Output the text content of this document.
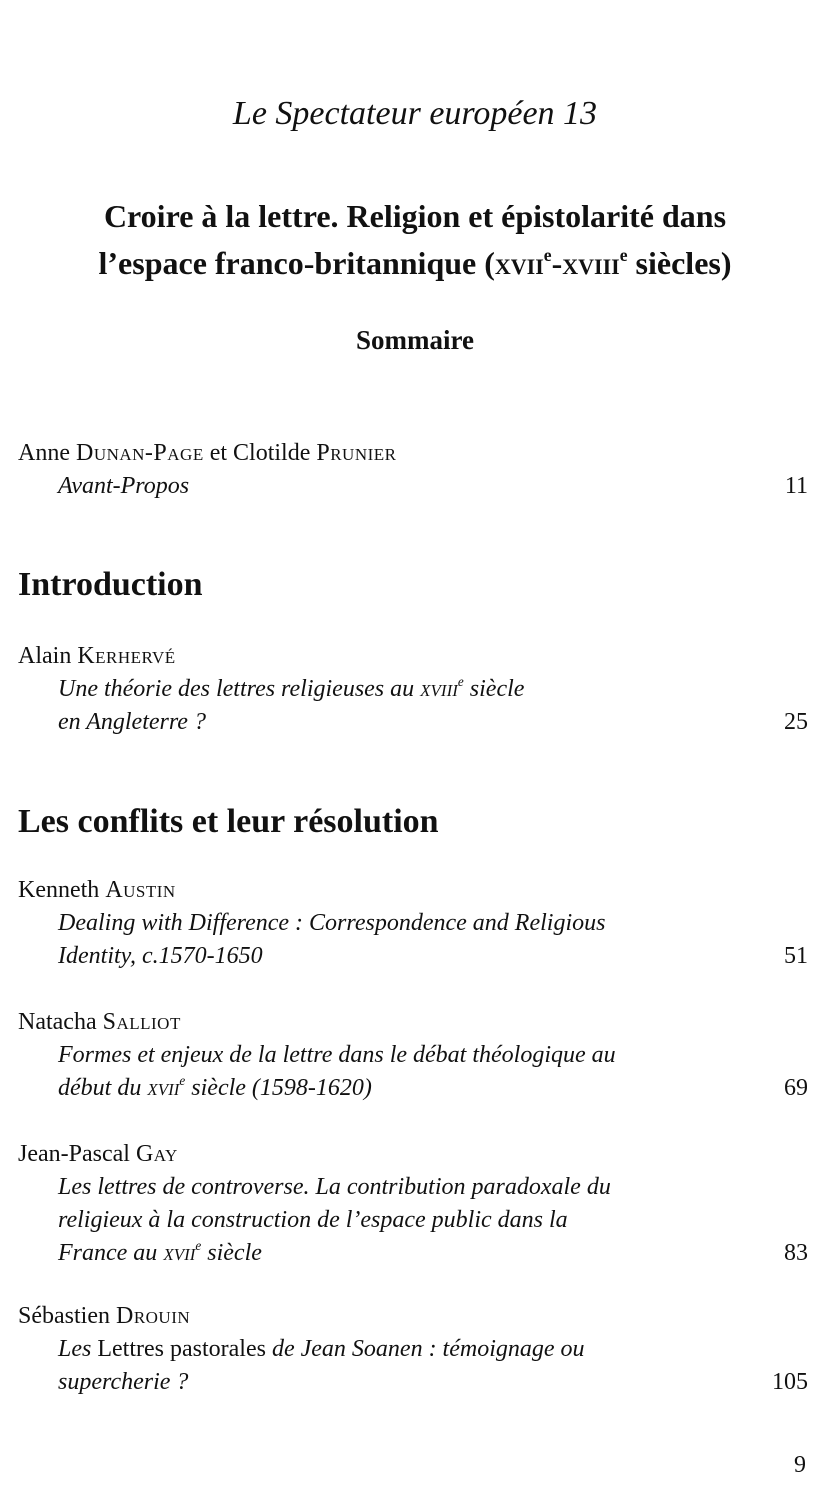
Le Spectateur européen 13
Croire à la lettre. Religion et épistolarité dans
l’espace franco-britannique (xvii$^e$-xviii$^e$ siècles)
Sommaire
Anne Dunan-Page et Clotilde Prunier
Avant-Propos	11
Introduction
Alain Kerhervé
Une théorie des lettres religieuses au xviii$^e$ siècle
en Angleterre ?	25
Les conflits et leur résolution
Kenneth Austin
Dealing with Difference : Correspondence and Religious
Identity, c.1570-1650	51
Natacha Salliot
Formes et enjeux de la lettre dans le débat théologique au
début du xvii$^e$ siècle (1598-1620)	69
Jean-Pascal Gay
Les lettres de controverse. La contribution paradoxale du
religieux à la construction de l’espace public dans la
France au xvii$^e$ siècle	83
Sébastien Drouin
Les Lettres pastorales de Jean Soanen : témoignage ou
supercherie ?	105
9
